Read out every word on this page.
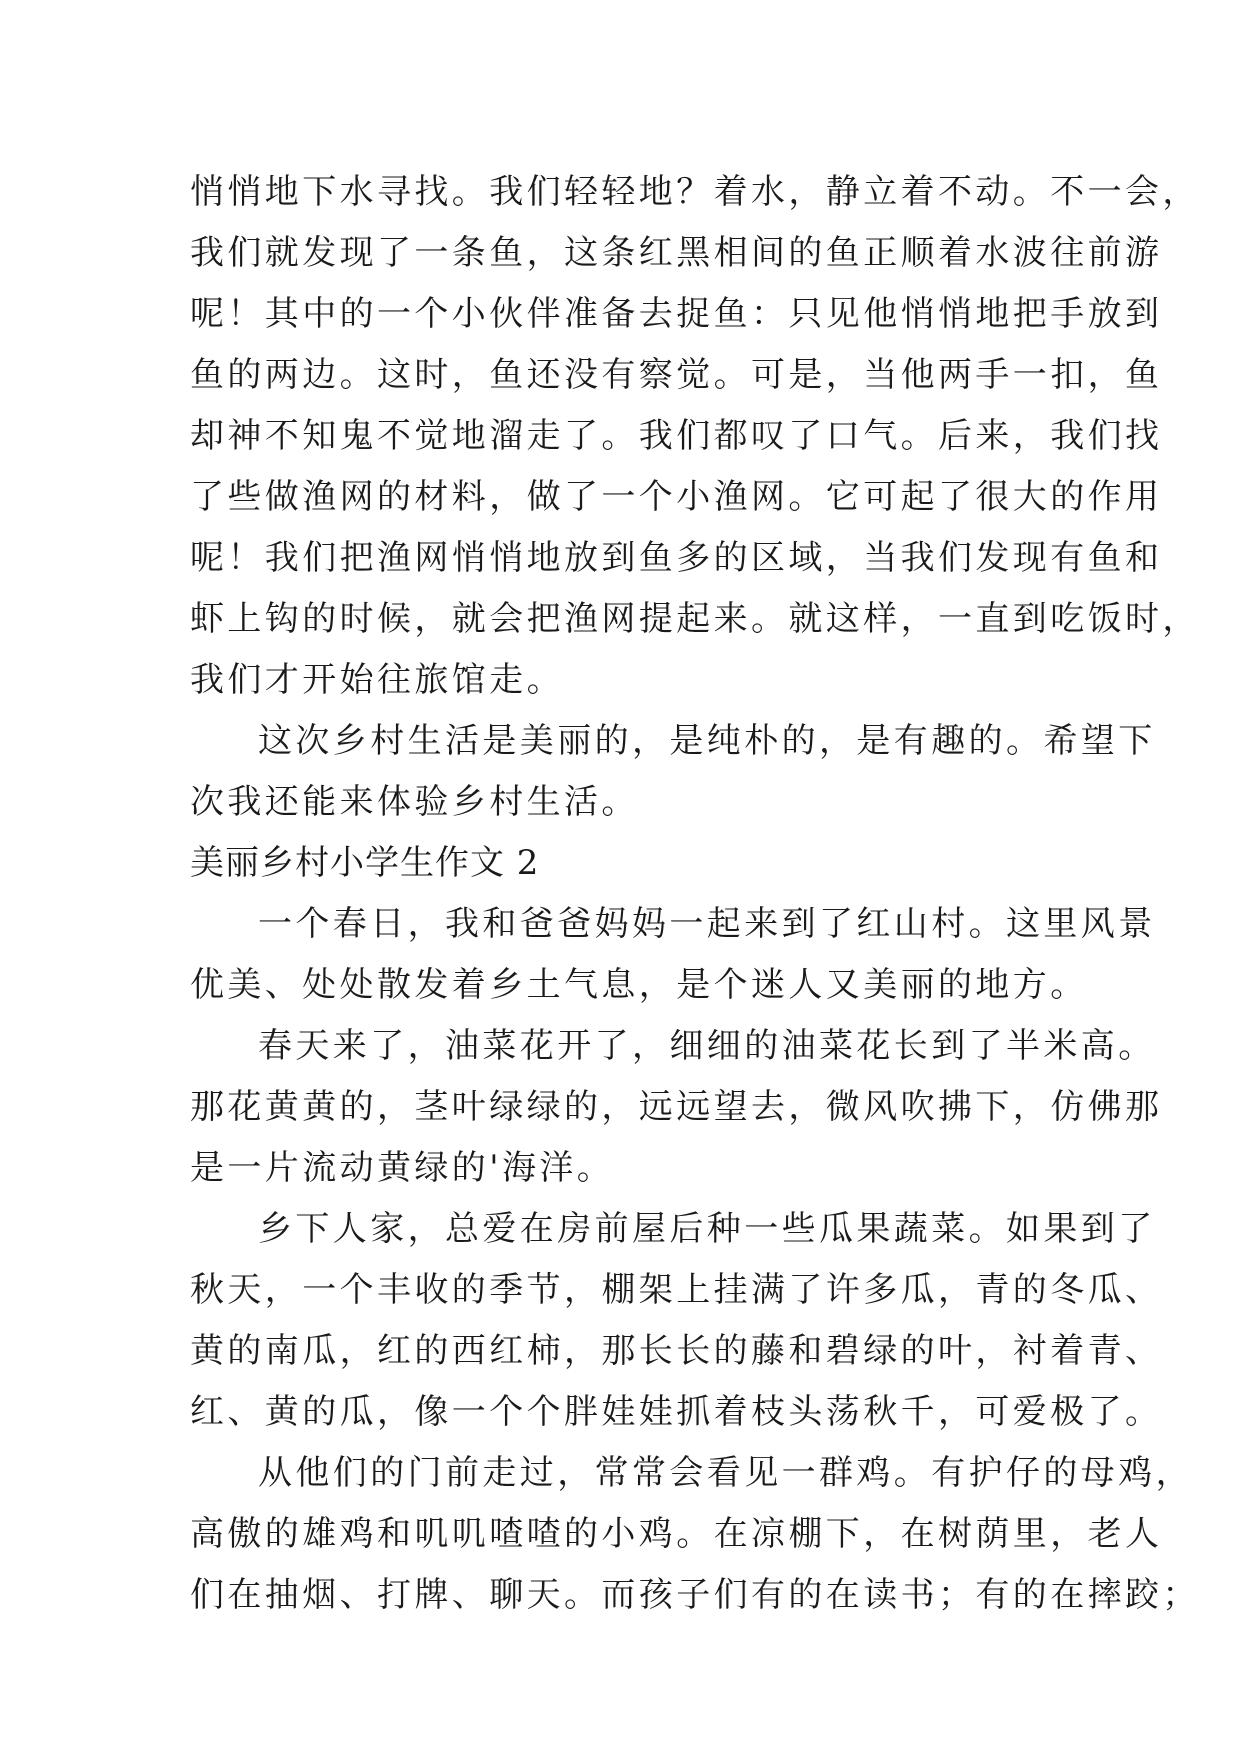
悄悄地下水寻找。我们轻轻地？着水，静立着不动。不一会，
我们就发现了一条鱼，这条红黑相间的鱼正顺着水波往前游
呢！其中的一个小伙伴准备去捉鱼：只见他悄悄地把手放到
鱼的两边。这时，鱼还没有察觉。可是，当他两手一扣，鱼
却神不知鬼不觉地溜走了。我们都叹了口气。后来，我们找
了些做渔网的材料，做了一个小渔网。它可起了很大的作用
呢！我们把渔网悄悄地放到鱼多的区域，当我们发现有鱼和
虾上钩的时候，就会把渔网提起来。就这样，一直到吃饭时，
我们才开始往旅馆走。
这次乡村生活是美丽的，是纯朴的，是有趣的。希望下
次我还能来体验乡村生活。
美丽乡村小学生作文 2
一个春日，我和爸爸妈妈一起来到了红山村。这里风景
优美、处处散发着乡土气息，是个迷人又美丽的地方。
春天来了，油菜花开了，细细的油菜花长到了半米高。
那花黄黄的，茎叶绿绿的，远远望去，微风吹拂下，仿佛那
是一片流动黄绿的'海洋。
乡下人家，总爱在房前屋后种一些瓜果蔬菜。如果到了
秋天，一个丰收的季节，棚架上挂满了许多瓜，青的冬瓜、
黄的南瓜，红的西红柿，那长长的藤和碧绿的叶，衬着青、
红、黄的瓜，像一个个胖娃娃抓着枝头荡秋千，可爱极了。
从他们的门前走过，常常会看见一群鸡。有护仔的母鸡，
高傲的雄鸡和叽叽喳喳的小鸡。在凉棚下，在树荫里，老人
们在抽烟、打牌、聊天。而孩子们有的在读书；有的在摔跤；
